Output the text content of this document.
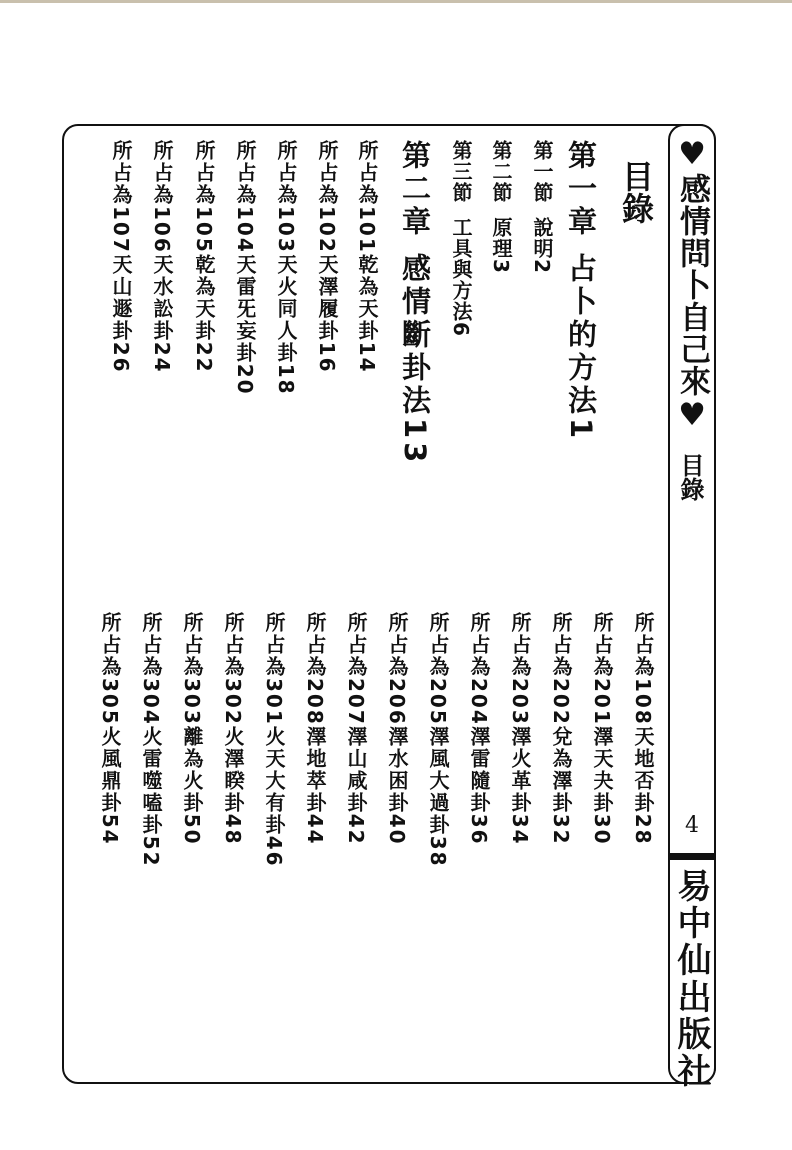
♥感情問卜自己來♥
目錄
4
易中仙出版社
目錄
第一章占卜的方法1
第一節說明2
第二節原理3
第三節工具與方法6
第二章感情斷卦法13
所占為101乾為天卦14
所占為102天澤履卦16
所占為103天火同人卦18
所占為104天雷旡妄卦20
所占為105乾為天卦22
所占為106天水訟卦24
所占為107天山遯卦26
所占為108天地否卦28
所占為201澤天夬卦30
所占為202兌為澤卦32
所占為203澤火革卦34
所占為204澤雷隨卦36
所占為205澤風大過卦38
所占為206澤水困卦40
所占為207澤山咸卦42
所占為208澤地萃卦44
所占為301火天大有卦46
所占為302火澤睽卦48
所占為303離為火卦50
所占為304火雷噬嗑卦52
所占為305火風鼎卦54
